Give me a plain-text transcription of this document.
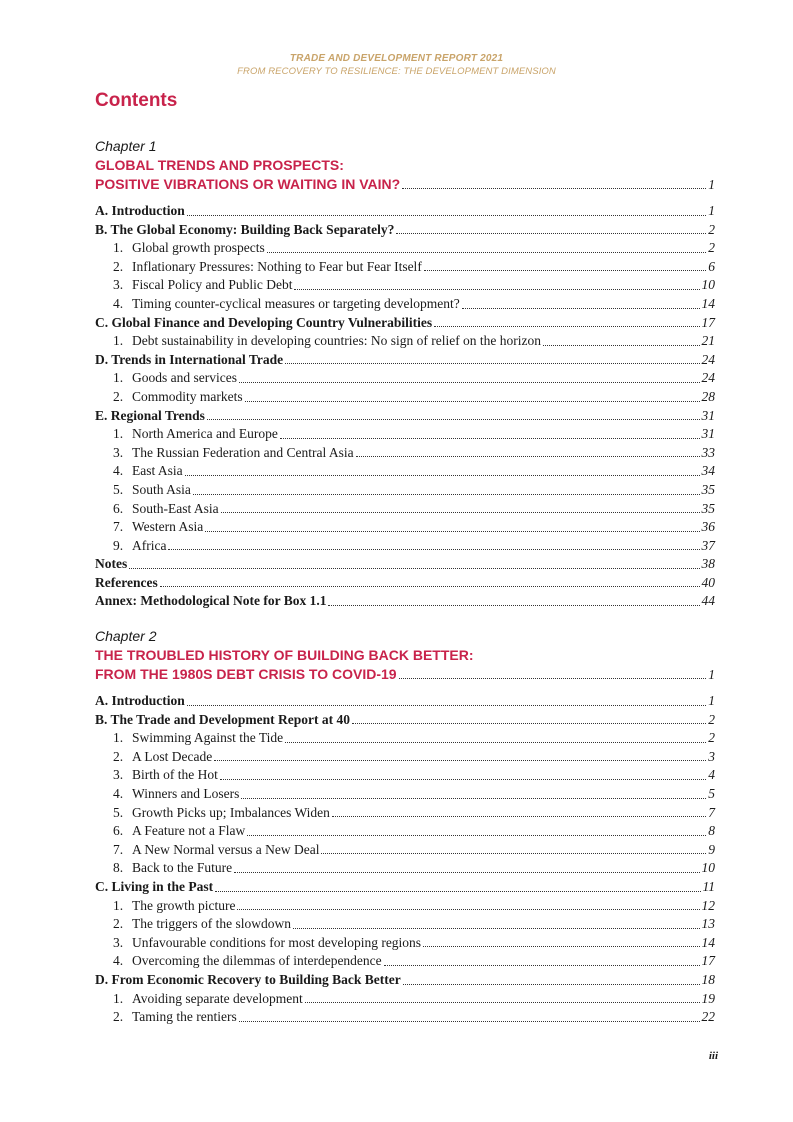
TRADE AND DEVELOPMENT REPORT 2021
FROM RECOVERY TO RESILIENCE: THE DEVELOPMENT DIMENSION
Contents
Chapter 1
GLOBAL TRENDS AND PROSPECTS:
POSITIVE VIBRATIONS OR WAITING IN VAIN?	1
A. Introduction	1
B. The Global Economy: Building Back Separately?	2
1. Global growth prospects	2
2. Inflationary Pressures: Nothing to Fear but Fear Itself	6
3. Fiscal Policy and Public Debt	10
4. Timing counter-cyclical measures or targeting development?	14
C. Global Finance and Developing Country Vulnerabilities	17
1. Debt sustainability in developing countries: No sign of relief on the horizon	21
D. Trends in International Trade	24
1. Goods and services	24
2. Commodity markets	28
E. Regional Trends	31
1. North America and Europe	31
3. The Russian Federation and Central Asia	33
4. East Asia	34
5. South Asia	35
6. South-East Asia	35
7. Western Asia	36
9. Africa	37
Notes	38
References	40
Annex: Methodological Note for Box 1.1	44
Chapter 2
THE TROUBLED HISTORY OF BUILDING BACK BETTER:
FROM THE 1980S DEBT CRISIS TO COVID-19	1
A. Introduction	1
B. The Trade and Development Report at 40	2
1. Swimming Against the Tide	2
2. A Lost Decade	3
3. Birth of the Hot	4
4. Winners and Losers	5
5. Growth Picks up; Imbalances Widen	7
6. A Feature not a Flaw	8
7. A New Normal versus a New Deal	9
8. Back to the Future	10
C. Living in the Past	11
1. The growth picture	12
2. The triggers of the slowdown	13
3. Unfavourable conditions for most developing regions	14
4. Overcoming the dilemmas of interdependence	17
D. From Economic Recovery to Building Back Better	18
1. Avoiding separate development	19
2. Taming the rentiers	22
iii
